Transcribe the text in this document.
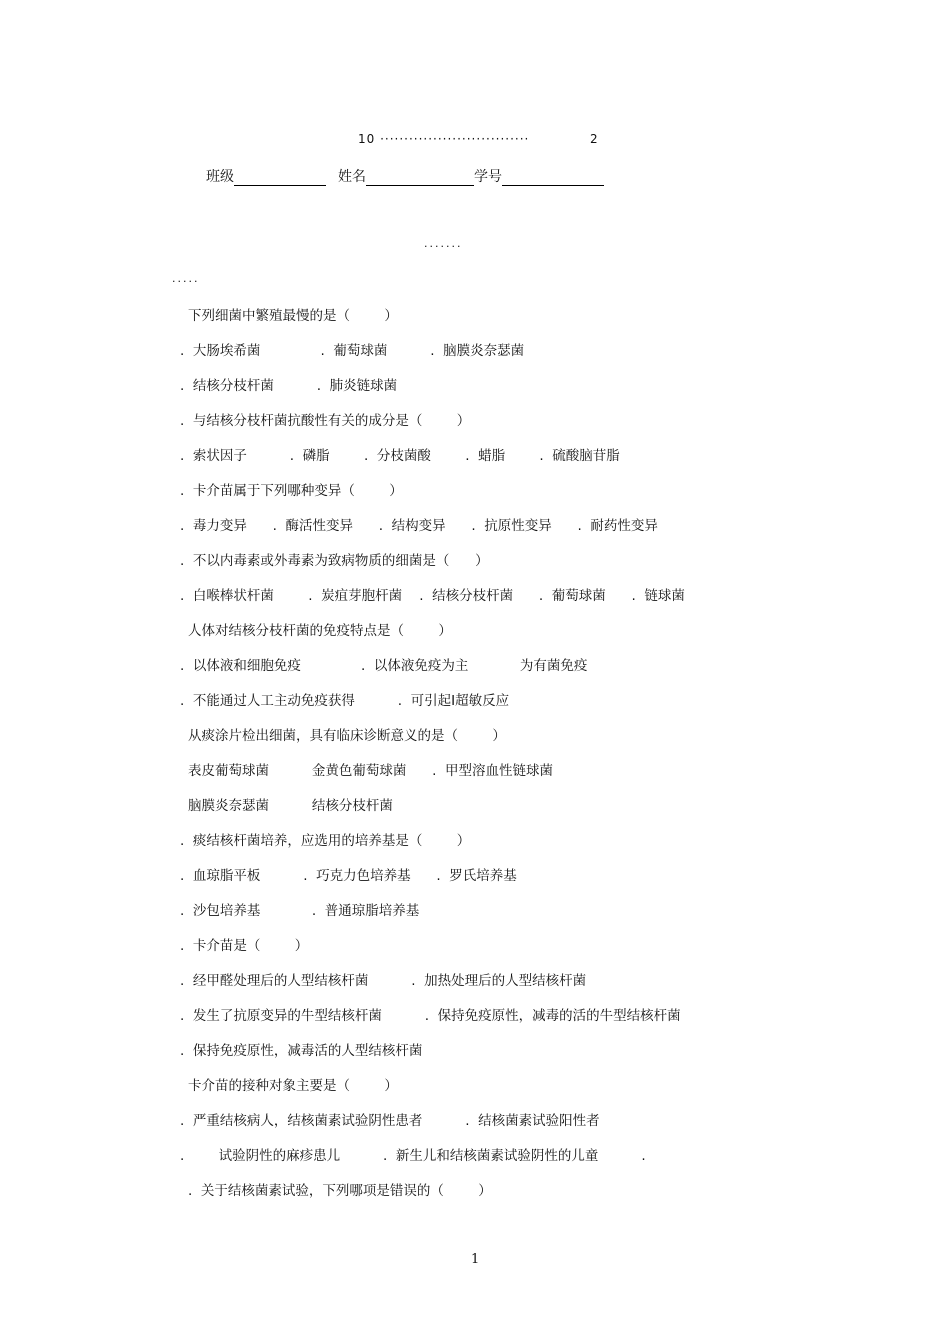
10 ·······························	2
班级	姓名	学号
·······
·····
下列细菌中繁殖最慢的是（        ）
.  大肠埃希菌              .  葡萄球菌          .  脑膜炎奈瑟菌
.  结核分枝杆菌          .  肺炎链球菌
.  与结核分枝杆菌抗酸性有关的成分是（        ）
.  索状因子          .  磷脂        .  分枝菌酸        .  蜡脂        .  硫酸脑苷脂
.  卡介苗属于下列哪种变异（        ）
.  毒力变异      .  酶活性变异      .  结构变异      .  抗原性变异      .  耐药性变异
.  不以内毒素或外毒素为致病物质的细菌是（      ）
.  白喉棒状杆菌        .  炭疽芽胞杆菌    .  结核分枝杆菌      .  葡萄球菌      .  链球菌
人体对结核分枝杆菌的免疫特点是（        ）
.  以体液和细胞免疫              .  以体液免疫为主            为有菌免疫
.  不能通过人工主动免疫获得          .  可引起Ⅰ超敏反应
从痰涂片检出细菌，具有临床诊断意义的是（        ）
表皮葡萄球菌          金黄色葡萄球菌      .  甲型溶血性链球菌
脑膜炎奈瑟菌          结核分枝杆菌
.  痰结核杆菌培养，应选用的培养基是（        ）
.  血琼脂平板          .  巧克力色培养基      .  罗氏培养基
.  沙包培养基            .  普通琼脂培养基
.  卡介苗是（        ）
.  经甲醛处理后的人型结核杆菌          .  加热处理后的人型结核杆菌
.  发生了抗原变异的牛型结核杆菌          .  保持免疫原性，减毒的活的牛型结核杆菌
.  保持免疫原性，减毒活的人型结核杆菌
卡介苗的接种对象主要是（        ）
.  严重结核病人，结核菌素试验阴性患者          .  结核菌素试验阳性者
.        试验阴性的麻疹患儿          .  新生儿和结核菌素试验阴性的儿童          .
.  关于结核菌素试验，下列哪项是错误的（        ）
1
